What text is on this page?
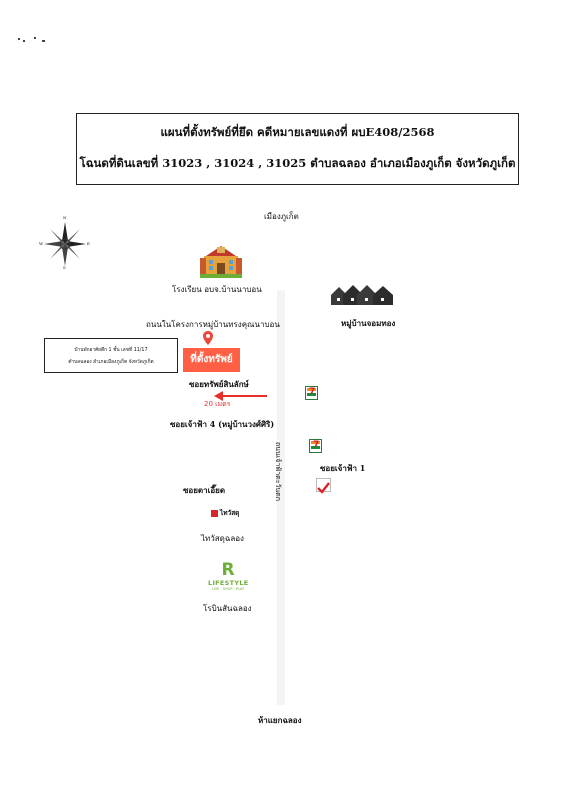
แผนที่ตั้งทรัพย์ที่ยึด คดีหมายเลขแดงที่ ผบE408/2568
โฉนดที่ดินเลขที่ 31023 , 31024 , 31025 ตำบลฉลอง อำเภอเมืองภูเก็ต จังหวัดภูเก็ต
N
S
W	E
เมืองภูเก็ต
โรงเรียน อบจ.บ้านนาบอน
หมู่บ้านจอมทอง
ถนนในโครงการหมู่บ้านทรงคุณนาบอน
บ้านพักอาศัยตึก 1 ชั้น เลขที่ 11/17
ตำบลฉลอง อำเภอเมืองภูเก็ต จังหวัดภูเก็ต	ที่ตั้งทรัพย์
ซอยทรัพย์สินลักษ์
20 เมตร
7
ซอยเจ้าฟ้า 4 (หมู่บ้านวงศ์ศิริ)
7
ซอยเจ้าฟ้า 1
ถนนเจ้าฟ้าตะวันตก
ซอยตาเอี๊ยด
ไทวัสดุ
ไทวัสดุฉลอง
R
LIFESTYLE
LIVE · SHOP · PLAY
โรบินสันฉลอง
ห้าแยกฉลอง
